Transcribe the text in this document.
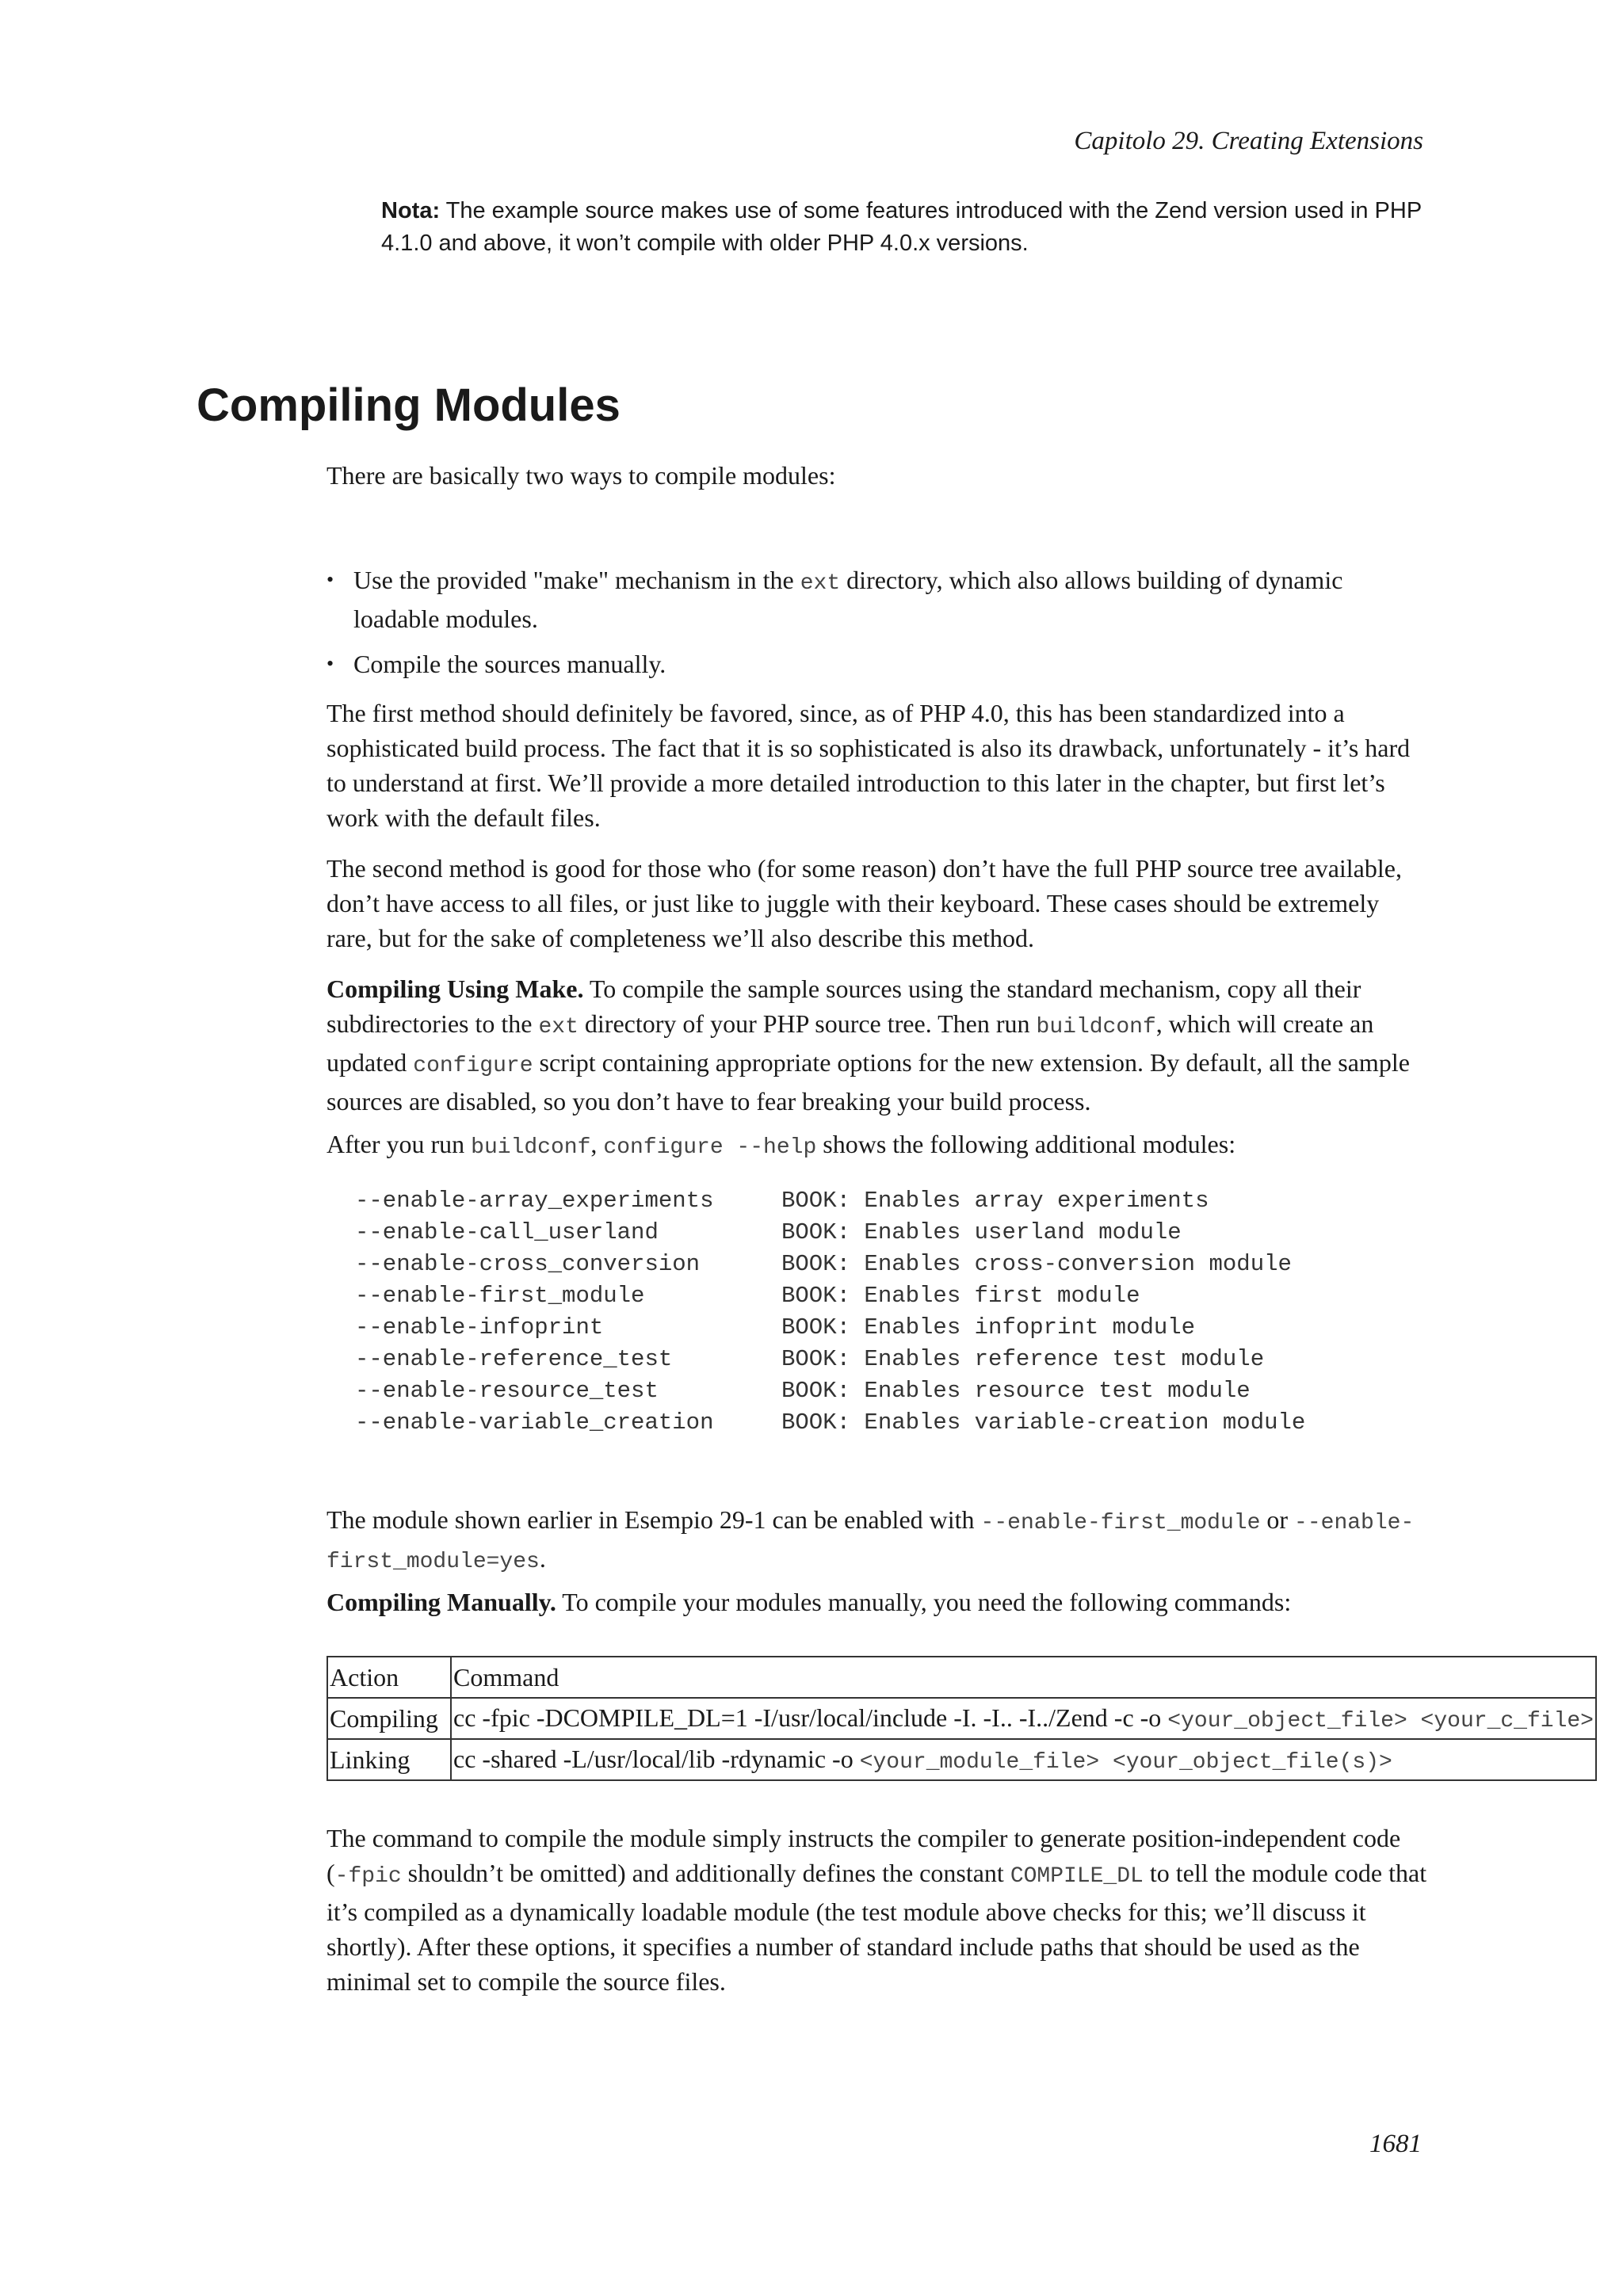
Capitolo 29. Creating Extensions
Nota: The example source makes use of some features introduced with the Zend version used in PHP 4.1.0 and above, it won’t compile with older PHP 4.0.x versions.
Compiling Modules

There are basically two ways to compile modules:

• Use the provided "make" mechanism in the ext directory, which also allows building of dynamic loadable modules.
• Compile the sources manually.

The first method should definitely be favored, since, as of PHP 4.0, this has been standardized into a sophisticated build process. The fact that it is so sophisticated is also its drawback, unfortunately - it’s hard to understand at first. We’ll provide a more detailed introduction to this later in the chapter, but first let’s work with the default files.

The second method is good for those who (for some reason) don’t have the full PHP source tree available, don’t have access to all files, or just like to juggle with their keyboard. These cases should be extremely rare, but for the sake of completeness we’ll also describe this method.

Compiling Using Make. To compile the sample sources using the standard mechanism, copy all their subdirectories to the ext directory of your PHP source tree. Then run buildconf, which will create an updated configure script containing appropriate options for the new extension. By default, all the sample sources are disabled, so you don’t have to fear breaking your build process.

After you run buildconf, configure --help shows the following additional modules:

--enable-array_experiments	BOOK: Enables array experiments
--enable-call_userland	BOOK: Enables userland module
--enable-cross_conversion	BOOK: Enables cross-conversion module
--enable-first_module	BOOK: Enables first module
--enable-infoprint	BOOK: Enables infoprint module
--enable-reference_test	BOOK: Enables reference test module
--enable-resource_test	BOOK: Enables resource test module
--enable-variable_creation	BOOK: Enables variable-creation module

The module shown earlier in Esempio 29-1 can be enabled with --enable-first_module or --enable-first_module=yes.

Compiling Manually. To compile your modules manually, you need the following commands:

Action	Command
Compiling	cc -fpic -DCOMPILE_DL=1 -I/usr/local/include -I. -I.. -I../Zend -c -o <your_object_file> <your_c_file>
Linking	cc -shared -L/usr/local/lib -rdynamic -o <your_module_file> <your_object_file(s)>

The command to compile the module simply instructs the compiler to generate position-independent code (-fpic shouldn’t be omitted) and additionally defines the constant COMPILE_DL to tell the module code that it’s compiled as a dynamically loadable module (the test module above checks for this; we’ll discuss it shortly). After these options, it specifies a number of standard include paths that should be used as the minimal set to compile the source files.

1681
